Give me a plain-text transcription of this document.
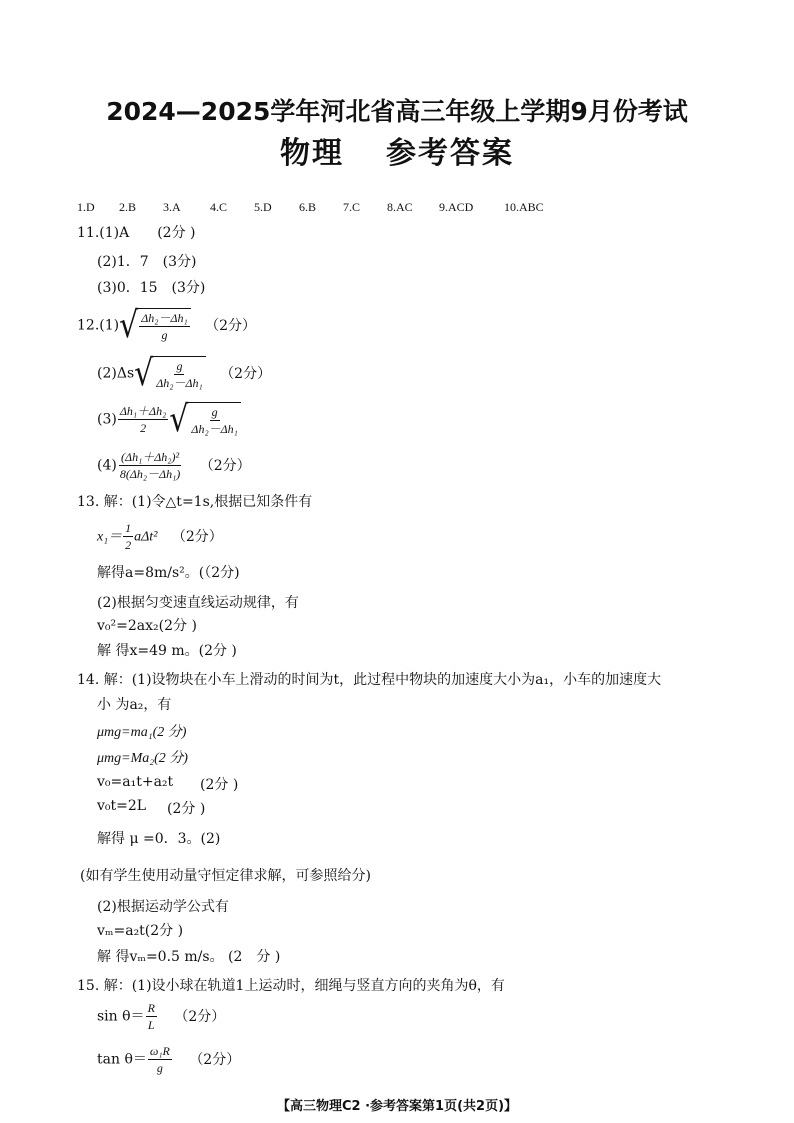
2024—2025学年河北省高三年级上学期9月份考试
物理 参考答案
1.D 2.B 3.A 4.C 5.D 6.B 7.C 8.AC 9.ACD	10.ABC
11.(1)A　　(2分 )
(2)1．7　(3分)
(3)0．15　(3分)
12.(1) √ $\frac{\text{Δh₂－Δh₁}}{g} (2$分）
(2)Δs √ $\frac{g}{\text{Δh₂－Δh₁}} (2$分）
$(3) \frac{\text{Δh₁＋Δh₂}}{2}$ √ $\frac{g}{\text{Δh₂－Δh₁}}$
$(4) \frac{\text{(Δh₁＋Δh₂)²}}{\text{8(Δh₂－Δh₁)}} (2$分）
13. 解：(1)令△t=1s,根据已知条件有
$x_1= \frac{1}{2} a\Delta t^2$ （2分）
解得a=8m/s²。(（2分)
(2)根据匀变速直线运动规律，有
v₀²=2ax₂(2分 )
解 得x=49 m。(2分 )
14. 解：(1)设物块在小车上滑动的时间为t，此过程中物块的加速度大小为a₁，小车的加速度大
小 为a₂，有
μmg=ma₁(2 分)
μmg=Ma₂(2 分)
v₀=a₁t+a₂t (2分 )
v₀t=2L (2分 )
解得 μ =0．3。(2)
(如有学生使用动量守恒定律求解，可参照给分)
(2)根据运动学公式有
vₘ=a₂t(2分 )
解 得vₘ=0.5 m/s。 (2　分 )
15. 解：(1)设小球在轨道1上运动时，细绳与竖直方向的夹角为θ，有
$\sin \theta= \frac{R}{L} (2$分）
$\tan \theta= \frac{\text{ω₁R}}{g} (2$分）
【高三物理C2 ·参考答案第1页(共2页)】
